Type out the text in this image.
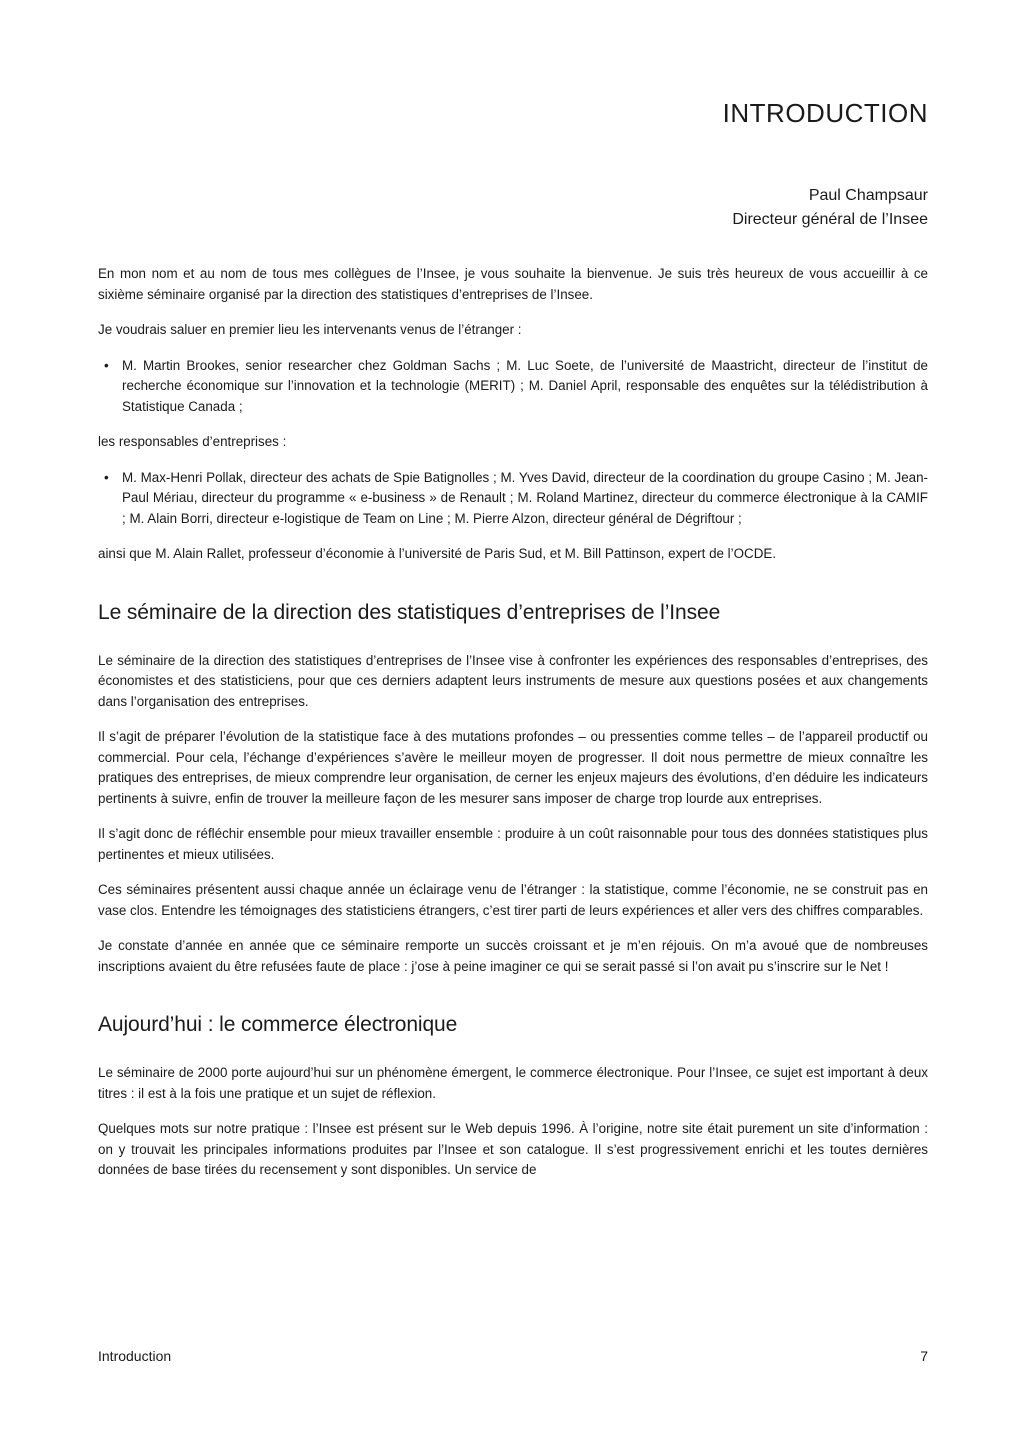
INTRODUCTION
Paul Champsaur
Directeur général de l’Insee

En mon nom et au nom de tous mes collègues de l’Insee, je vous souhaite la bienvenue. Je suis très heureux de vous accueillir à ce sixième séminaire organisé par la direction des statistiques d’entreprises de l’Insee.

Je voudrais saluer en premier lieu les intervenants venus de l’étranger :

• M. Martin Brookes, senior researcher chez Goldman Sachs ; M. Luc Soete, de l’université de Maastricht, directeur de l’institut de recherche économique sur l’innovation et la technologie (MERIT) ; M. Daniel April, responsable des enquêtes sur la télédistribution à Statistique Canada ;

les responsables d’entreprises :

• M. Max-Henri Pollak, directeur des achats de Spie Batignolles ; M. Yves David, directeur de la coordination du groupe Casino ; M. Jean-Paul Mériau, directeur du programme « e-business » de Renault ; M. Roland Martinez, directeur du commerce électronique à la CAMIF ; M. Alain Borri, directeur e-logistique de Team on Line ; M. Pierre Alzon, directeur général de Dégriftour ;

ainsi que M. Alain Rallet, professeur d’économie à l’université de Paris Sud, et M. Bill Pattinson, expert de l’OCDE.

Le séminaire de la direction des statistiques d’entreprises de l’Insee

Le séminaire de la direction des statistiques d’entreprises de l’Insee vise à confronter les expériences des responsables d’entreprises, des économistes et des statisticiens, pour que ces derniers adaptent leurs instruments de mesure aux questions posées et aux changements dans l’organisation des entreprises.

Il s’agit de préparer l’évolution de la statistique face à des mutations profondes – ou pressenties comme telles – de l’appareil productif ou commercial. Pour cela, l’échange d’expériences s’avère le meilleur moyen de progresser. Il doit nous permettre de mieux connaître les pratiques des entreprises, de mieux comprendre leur organisation, de cerner les enjeux majeurs des évolutions, d’en déduire les indicateurs pertinents à suivre, enfin de trouver la meilleure façon de les mesurer sans imposer de charge trop lourde aux entreprises.

Il s’agit donc de réfléchir ensemble pour mieux travailler ensemble : produire à un coût raisonnable pour tous des données statistiques plus pertinentes et mieux utilisées.

Ces séminaires présentent aussi chaque année un éclairage venu de l’étranger : la statistique, comme l’économie, ne se construit pas en vase clos. Entendre les témoignages des statisticiens étrangers, c’est tirer parti de leurs expériences et aller vers des chiffres comparables.

Je constate d’année en année que ce séminaire remporte un succès croissant et je m’en réjouis. On m’a avoué que de nombreuses inscriptions avaient du être refusées faute de place : j’ose à peine imaginer ce qui se serait passé si l’on avait pu s’inscrire sur le Net !

Aujourd’hui : le commerce électronique

Le séminaire de 2000 porte aujourd’hui sur un phénomène émergent, le commerce électronique. Pour l’Insee, ce sujet est important à deux titres : il est à la fois une pratique et un sujet de réflexion.

Quelques mots sur notre pratique : l’Insee est présent sur le Web depuis 1996. À l’origine, notre site était purement un site d’information : on y trouvait les principales informations produites par l’Insee et son catalogue. Il s’est progressivement enrichi et les toutes dernières données de base tirées du recensement y sont disponibles. Un service de

Introduction	7
